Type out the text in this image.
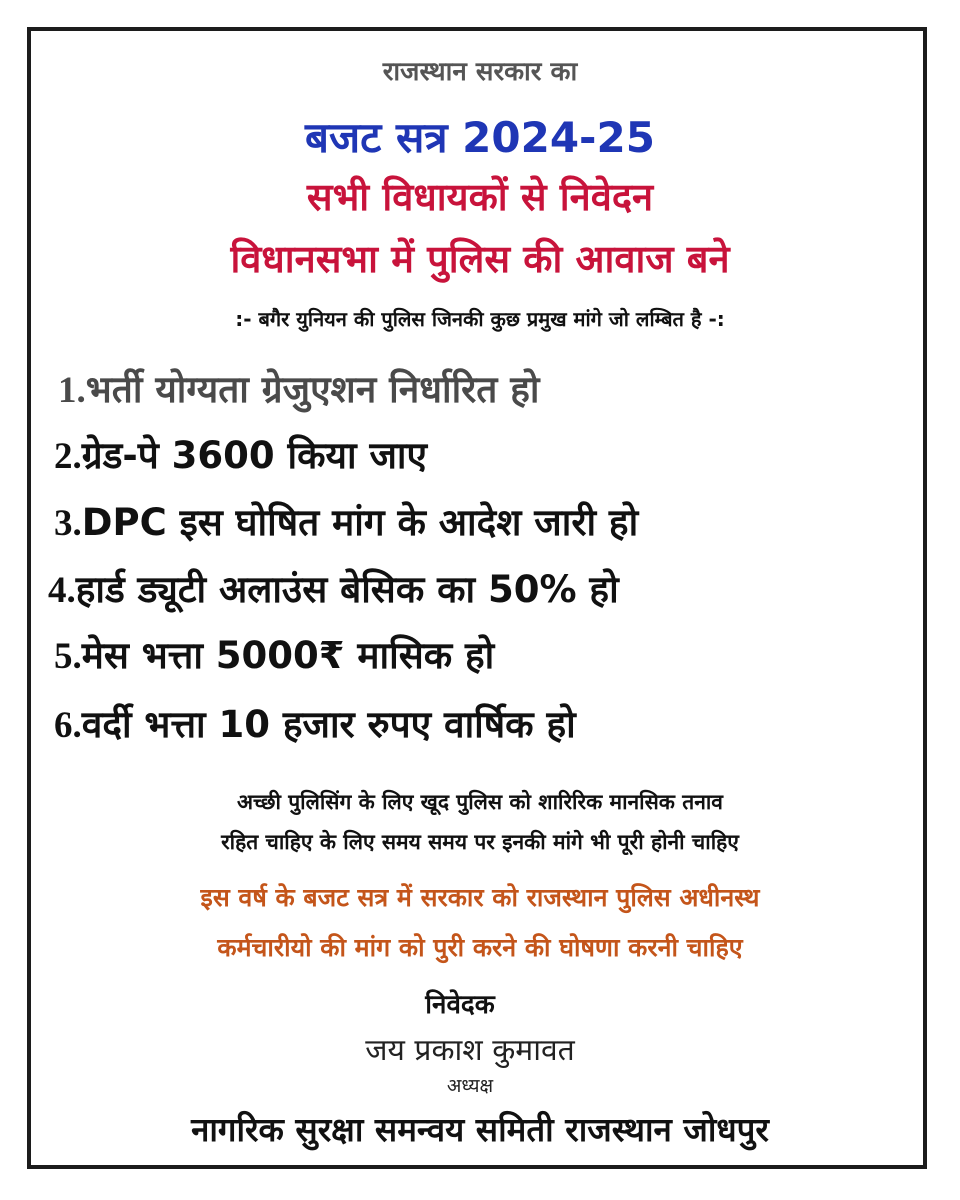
राजस्थान सरकार का
बजट सत्र 2024-25
सभी विधायकों से निवेदन
विधानसभा में पुलिस की आवाज बने
:- बगैर युनियन की पुलिस जिनकी कुछ प्रमुख मांगे जो लम्बित है -:
1.भर्ती योग्यता ग्रेजुएशन निर्धारित हो
2.ग्रेड-पे 3600 किया जाए
3.DPC इस घोषित मांग के आदेश जारी हो
4.हार्ड ड्यूटी अलाउंस बेसिक का 50% हो
5.मेस भत्ता 5000₹ मासिक हो
6.वर्दी भत्ता 10 हजार रुपए वार्षिक हो
अच्छी पुलिसिंग के लिए खूद पुलिस को शारिरिक मानसिक तनाव
रहित चाहिए के लिए समय समय पर इनकी मांगे भी पूरी होनी चाहिए
इस वर्ष के बजट सत्र में सरकार को राजस्थान पुलिस अधीनस्थ
कर्मचारीयो की मांग को पुरी करने की घोषणा करनी चाहिए
निवेदक
जय प्रकाश कुमावत
अध्यक्ष
नागरिक सुरक्षा समन्वय समिती राजस्थान जोधपुर
